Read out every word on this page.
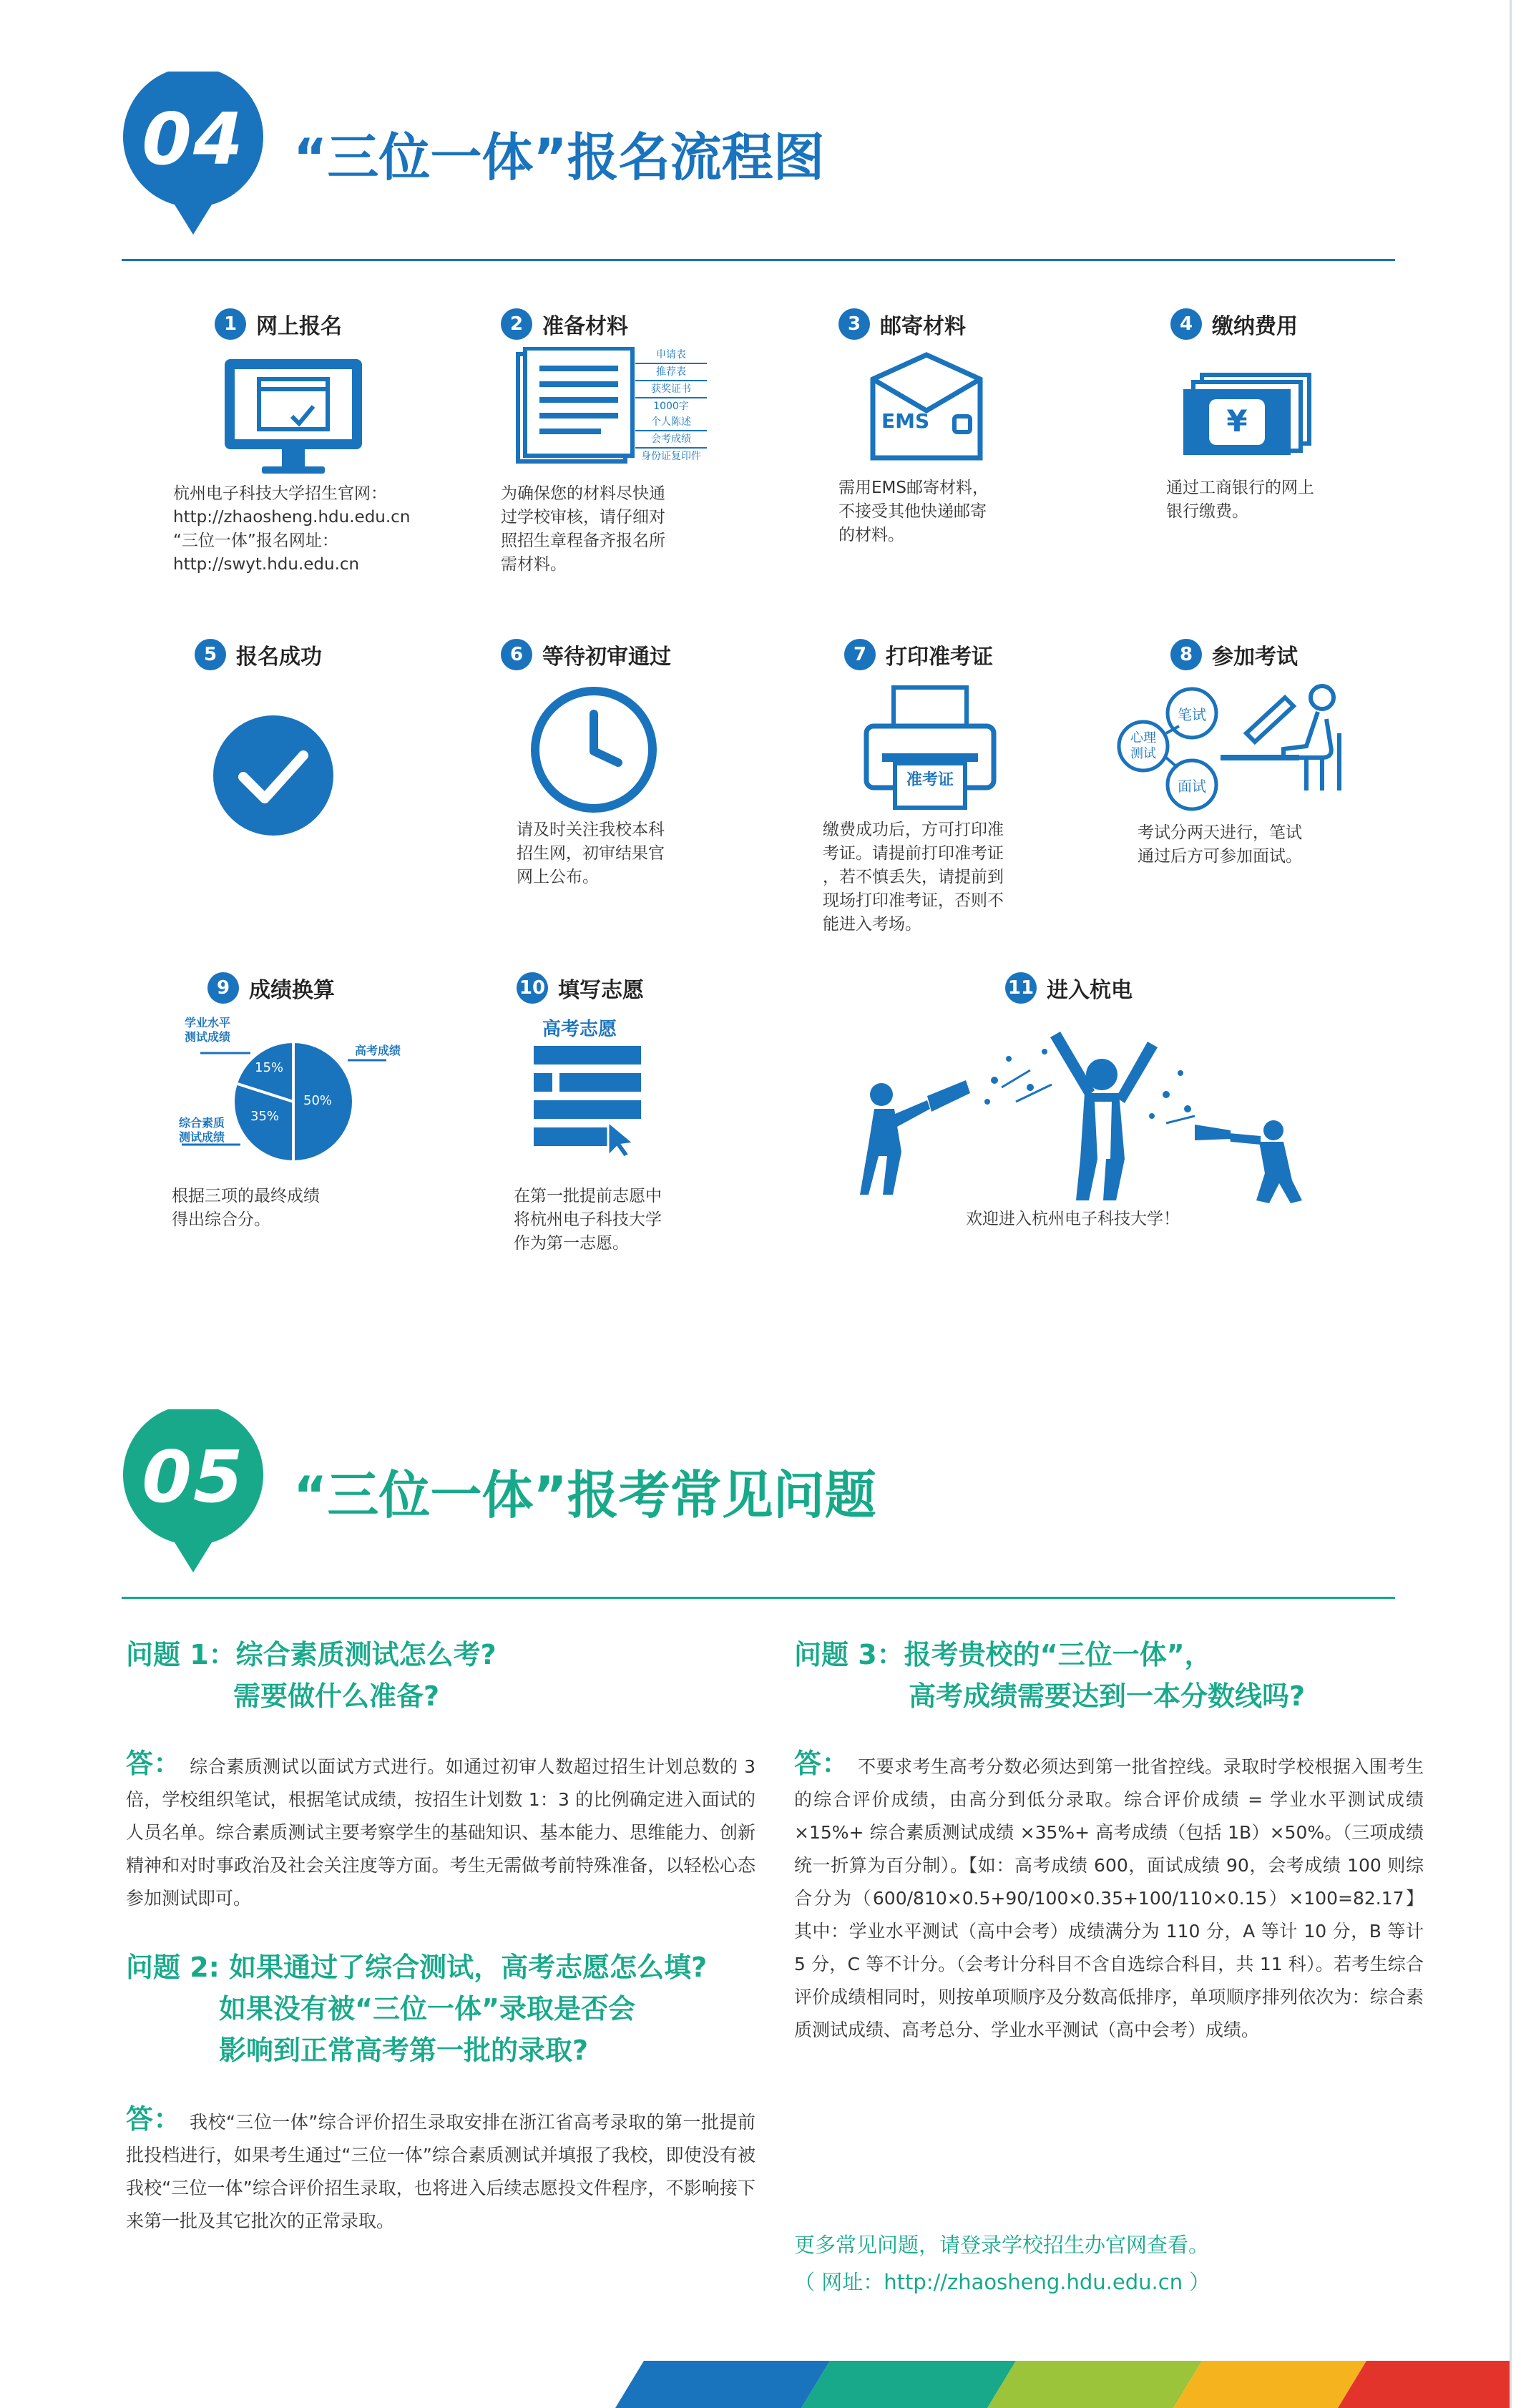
04 “三位一体”报名流程图
1 网上报名
杭州电子科技大学招生官网：
http://zhaosheng.hdu.edu.cn
“三位一体”报名网址：
http://swyt.hdu.edu.cn
2 准备材料
申请表
推荐表
获奖证书
1000字
个人陈述
会考成绩
身份证复印件
为确保您的材料尽快通
过学校审核，请仔细对
照招生章程备齐报名所
需材料。
3 邮寄材料
EMS
需用EMS邮寄材料，
不接受其他快递邮寄
的材料。
4 缴纳费用
¥
通过工商银行的网上
银行缴费。
5 报名成功	6 等待初审通过
请及时关注我校本科
招生网，初审结果官
网上公布。
7 打印准考证
准考证
缴费成功后，方可打印准
考证。请提前打印准考证
，若不慎丢失，请提前到
现场打印准考证，否则不
能进入考场。
8 参加考试
笔试
心理
测试
面试
考试分两天进行，笔试
通过后方可参加面试。
9 成绩换算
学业水平
测试成绩
高考成绩
综合素质
测试成绩
15%
50%
35%
根据三项的最终成绩
得出综合分。
10 填写志愿
高考志愿
在第一批提前志愿中
将杭州电子科技大学
作为第一志愿。
11 进入杭电
欢迎进入杭州电子科技大学！
05 “三位一体”报考常见问题
问题 1：综合素质测试怎么考?
需要做什么准备?
答： 综合素质测试以面试方式进行。如通过初审人数超过招生计划总数的 3 倍，学校组织笔试，根据笔试成绩，按招生计划数 1：3 的比例确定进入面试的人员名单。综合素质测试主要考察学生的基础知识、基本能力、思维能力、创新精神和对时事政治及社会关注度等方面。考生无需做考前特殊准备，以轻松心态参加测试即可。
问题 2: 如果通过了综合测试，高考志愿怎么填?
如果没有被“三位一体”录取是否会
影响到正常高考第一批的录取?
答： 我校“三位一体”综合评价招生录取安排在浙江省高考录取的第一批提前批投档进行，如果考生通过“三位一体”综合素质测试并填报了我校，即使没有被我校“三位一体”综合评价招生录取，也将进入后续志愿投文件程序，不影响接下来第一批及其它批次的正常录取。
问题 3：报考贵校的“三位一体”，
高考成绩需要达到一本分数线吗?
答： 不要求考生高考分数必须达到第一批省控线。录取时学校根据入围考生的综合评价成绩，由高分到低分录取。综合评价成绩 = 学业水平测试成绩 ×15%+ 综合素质测试成绩 ×35%+ 高考成绩（包括 1B）×50%。（三项成绩统一折算为百分制）。【如：高考成绩 600，面试成绩 90，会考成绩 100 则综合分为（600/810×0.5+90/100×0.35+100/110×0.15）×100=82.17】其中：学业水平测试（高中会考）成绩满分为 110 分，A 等计 10 分，B 等计 5 分，C 等不计分。（会考计分科目不含自选综合科目，共 11 科）。若考生综合评价成绩相同时，则按单项顺序及分数高低排序，单项顺序排列依次为：综合素质测试成绩、高考总分、学业水平测试（高中会考）成绩。
更多常见问题，请登录学校招生办官网查看。
（ 网址：http://zhaosheng.hdu.edu.cn ）
